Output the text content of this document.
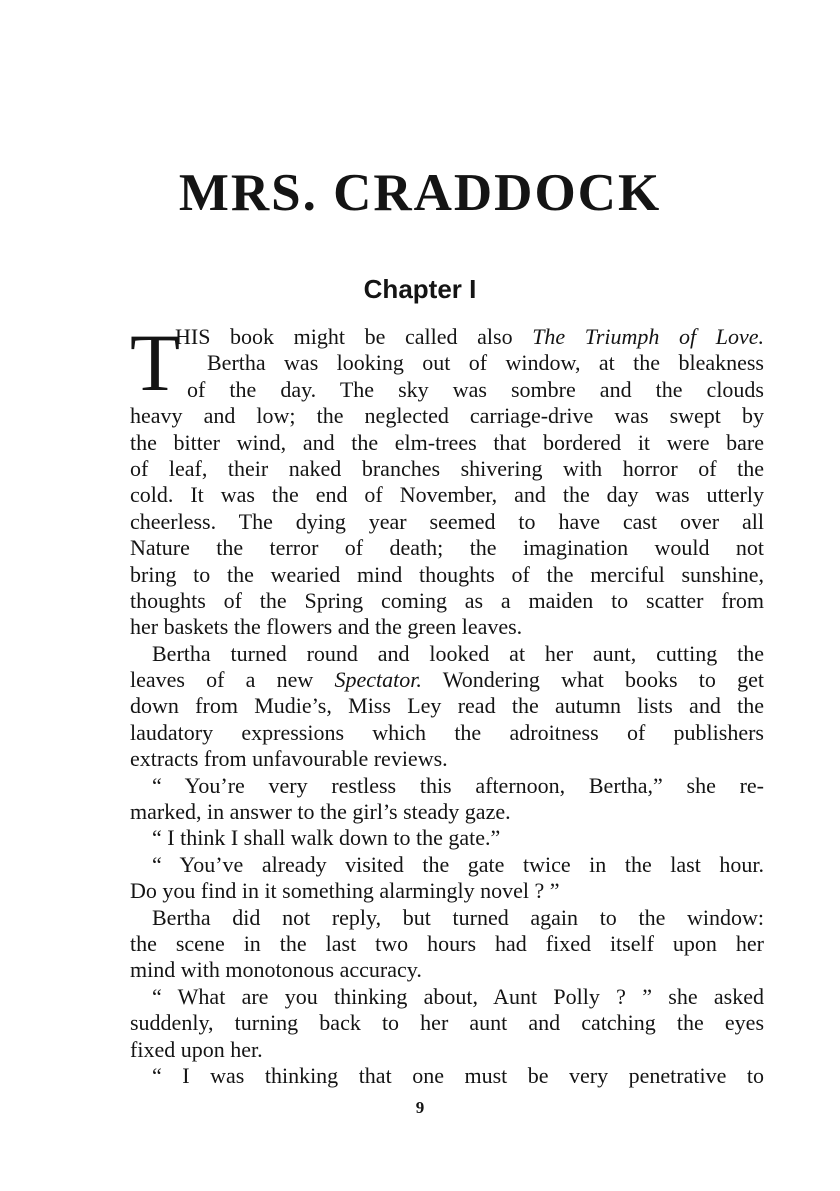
MRS. CRADDOCK
Chapter I
T
HIS book might be called also The Triumph of Love.
Bertha was looking out of window, at the bleakness
of the day. The sky was sombre and the clouds
heavy and low; the neglected carriage-drive was swept by
the bitter wind, and the elm-trees that bordered it were bare
of leaf, their naked branches shivering with horror of the
cold. It was the end of November, and the day was utterly
cheerless. The dying year seemed to have cast over all
Nature the terror of death; the imagination would not
bring to the wearied mind thoughts of the merciful sunshine,
thoughts of the Spring coming as a maiden to scatter from
her baskets the flowers and the green leaves.
Bertha turned round and looked at her aunt, cutting the
leaves of a new Spectator. Wondering what books to get
down from Mudie’s, Miss Ley read the autumn lists and the
laudatory expressions which the adroitness of publishers
extracts from unfavourable reviews.
“ You’re very restless this afternoon, Bertha,” she re-
marked, in answer to the girl’s steady gaze.
“ I think I shall walk down to the gate.”
“ You’ve already visited the gate twice in the last hour.
Do you find in it something alarmingly novel ? ”
Bertha did not reply, but turned again to the window:
the scene in the last two hours had fixed itself upon her
mind with monotonous accuracy.
“ What are you thinking about, Aunt Polly ? ” she asked
suddenly, turning back to her aunt and catching the eyes
fixed upon her.
“ I was thinking that one must be very penetrative to
9
